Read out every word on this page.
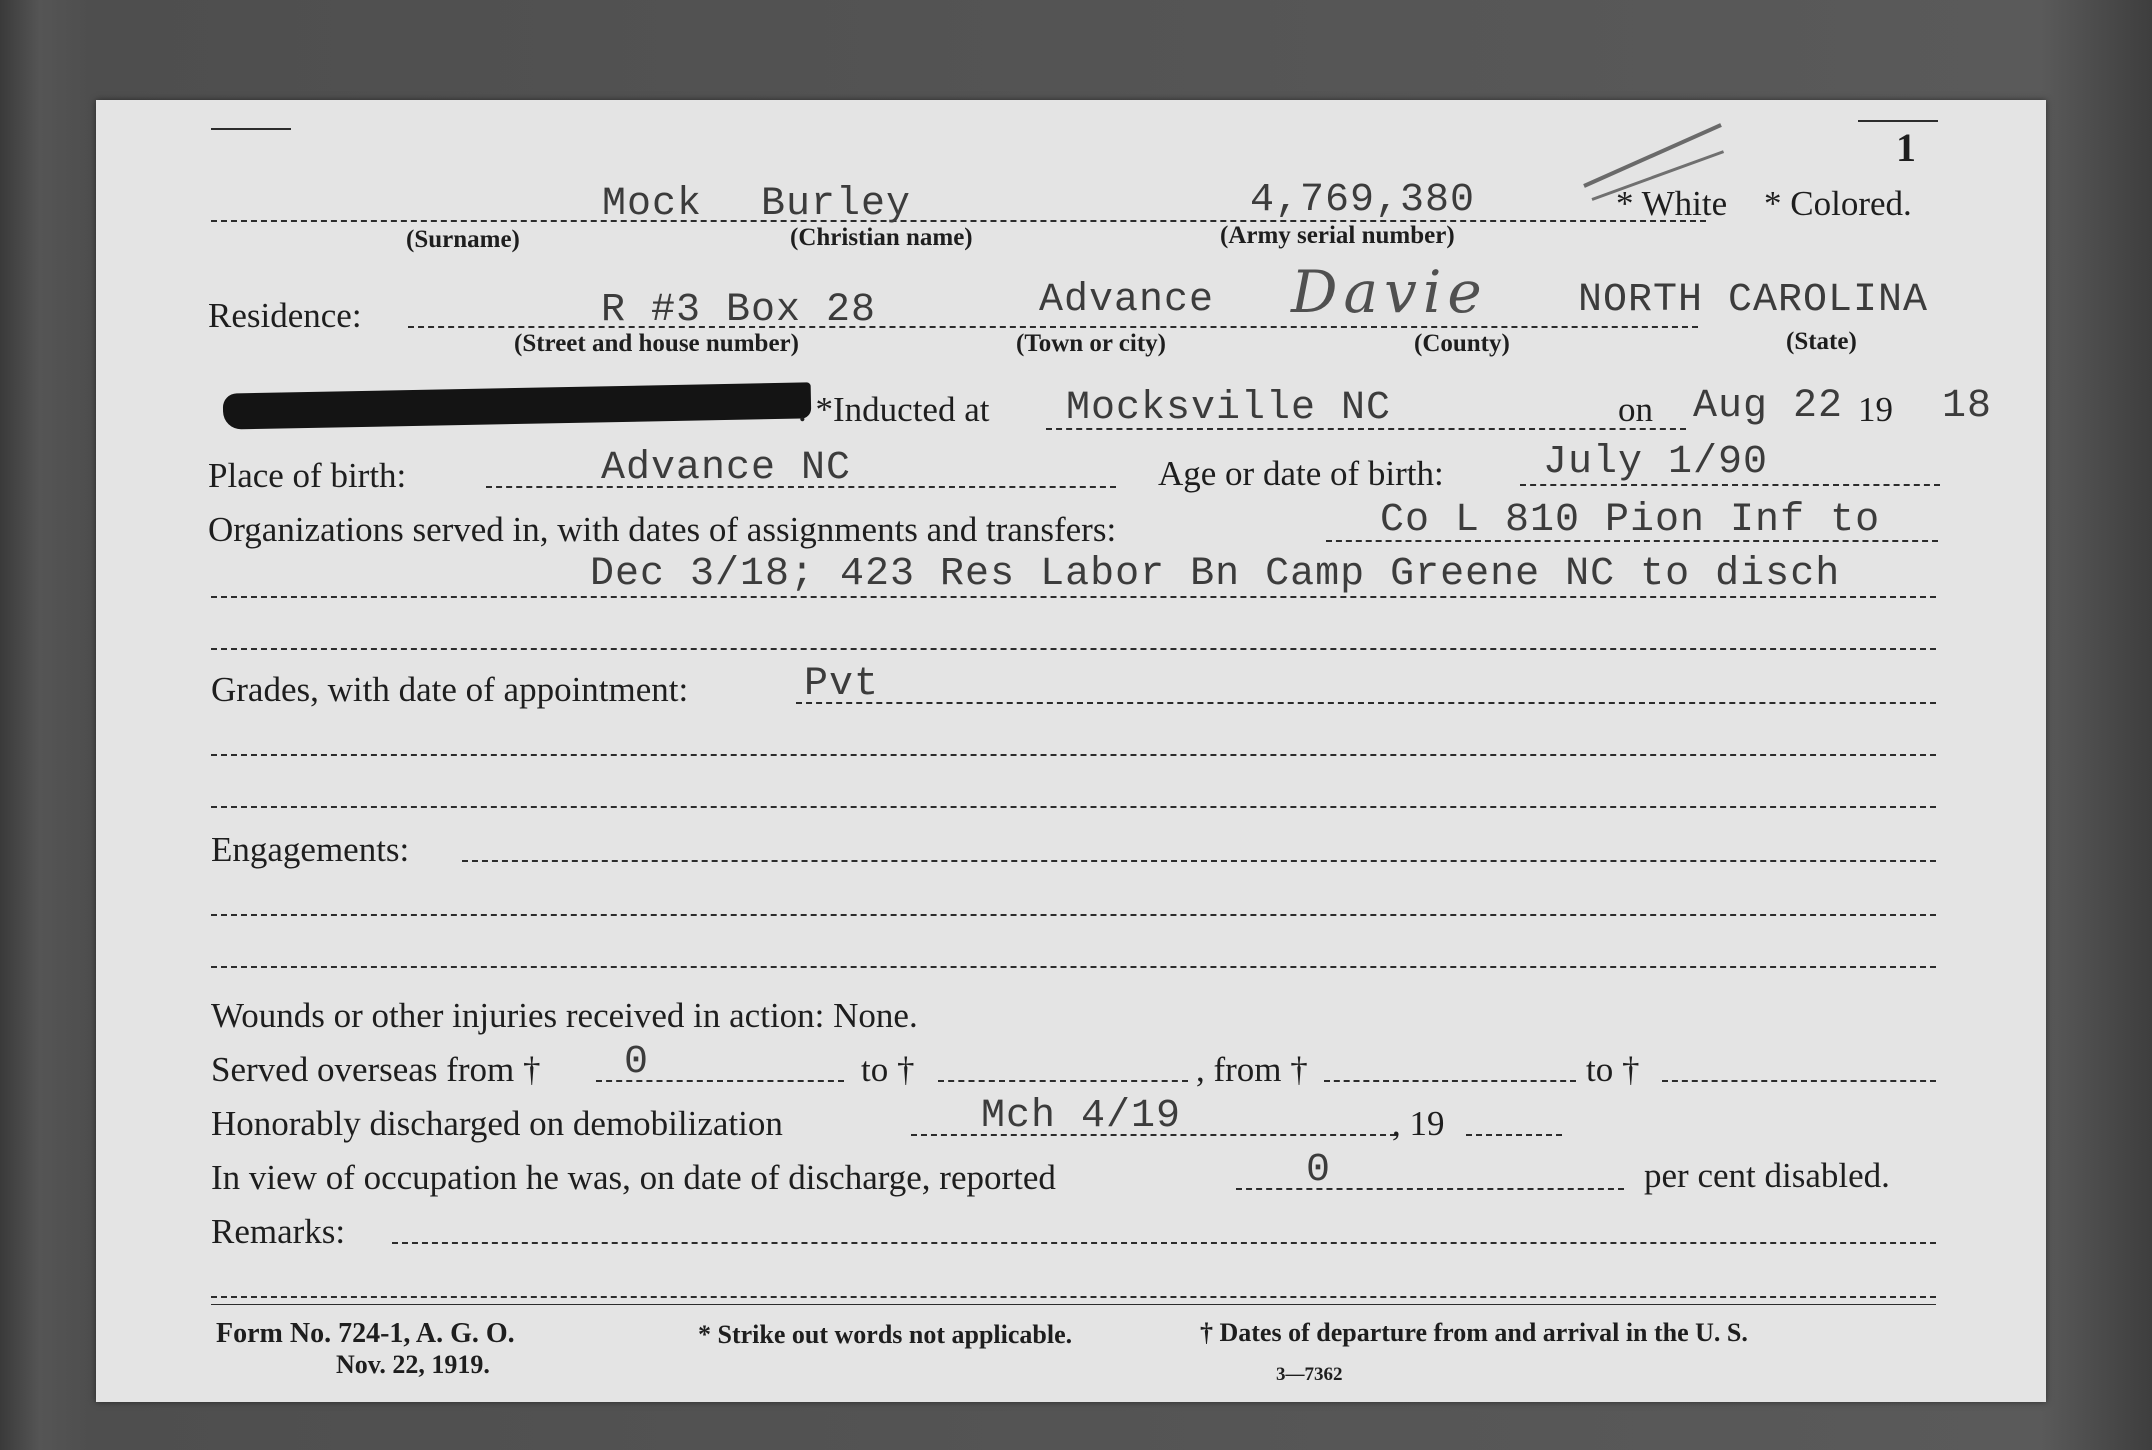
1
Mock Burley	4,769,380	* White * Colored.
(Surname)	(Christian name)	(Army serial number)
Residence:	R #3 Box 28	Advance Davie NORTH CAROLINA
(Street and house number)	(Town or city)	(County)	(State)
. *Inducted at Mocksville NC	on Aug 22 19 18
Place of birth:	Advance NC	Age or date of birth: July 1/90
Organizations served in, with dates of assignments and transfers:	Co L 810 Pion Inf to
Dec 3/18; 423 Res Labor Bn Camp Greene NC to disch
Grades, with date of appointment:	Pvt
Engagements:
Wounds or other injuries received in action: None.
Served overseas from † 0	to †	, from †	to †
Honorably discharged on demobilization	Mch 4/19	, 19
In view of occupation he was, on date of discharge, reported	0	per cent disabled.
Remarks:
Form No. 724-1, A. G. O.
Nov. 22, 1919.
* Strike out words not applicable.	† Dates of departure from and arrival in the U. S.
3—7362
